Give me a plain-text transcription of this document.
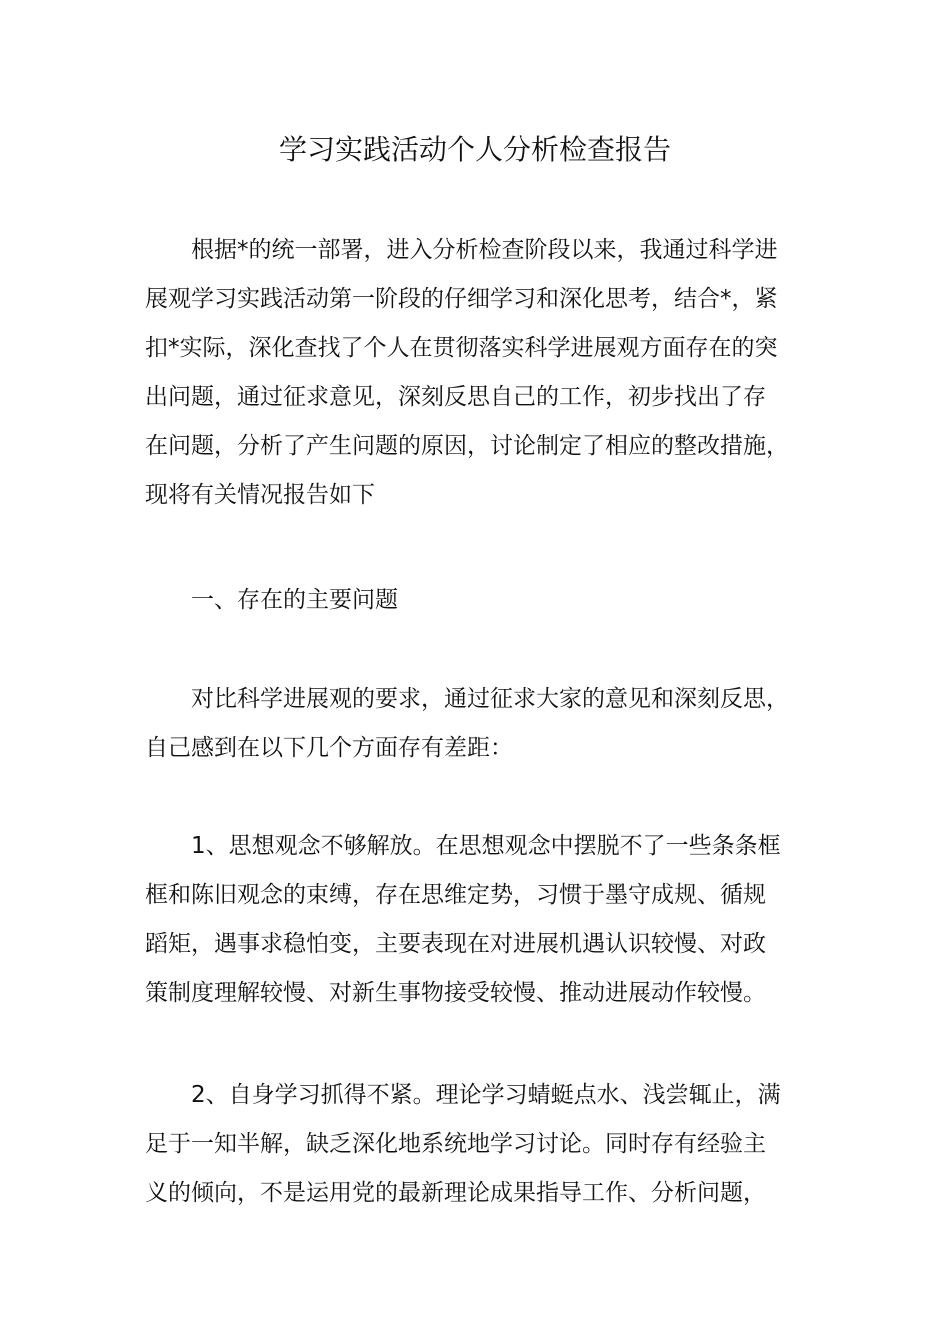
学习实践活动个人分析检查报告

根据*的统一部署，进入分析检查阶段以来，我通过科学进
展观学习实践活动第一阶段的仔细学习和深化思考，结合*，紧
扣*实际，深化查找了个人在贯彻落实科学进展观方面存在的突
出问题，通过征求意见，深刻反思自己的工作，初步找出了存
在问题，分析了产生问题的原因，讨论制定了相应的整改措施，
现将有关情况报告如下

一、存在的主要问题

对比科学进展观的要求，通过征求大家的意见和深刻反思，
自己感到在以下几个方面存有差距：

1、思想观念不够解放。在思想观念中摆脱不了一些条条框
框和陈旧观念的束缚，存在思维定势，习惯于墨守成规、循规
蹈矩，遇事求稳怕变，主要表现在对进展机遇认识较慢、对政
策制度理解较慢、对新生事物接受较慢、推动进展动作较慢。

2、自身学习抓得不紧。理论学习蜻蜓点水、浅尝辄止，满
足于一知半解，缺乏深化地系统地学习讨论。同时存有经验主
义的倾向，不是运用党的最新理论成果指导工作、分析问题，
